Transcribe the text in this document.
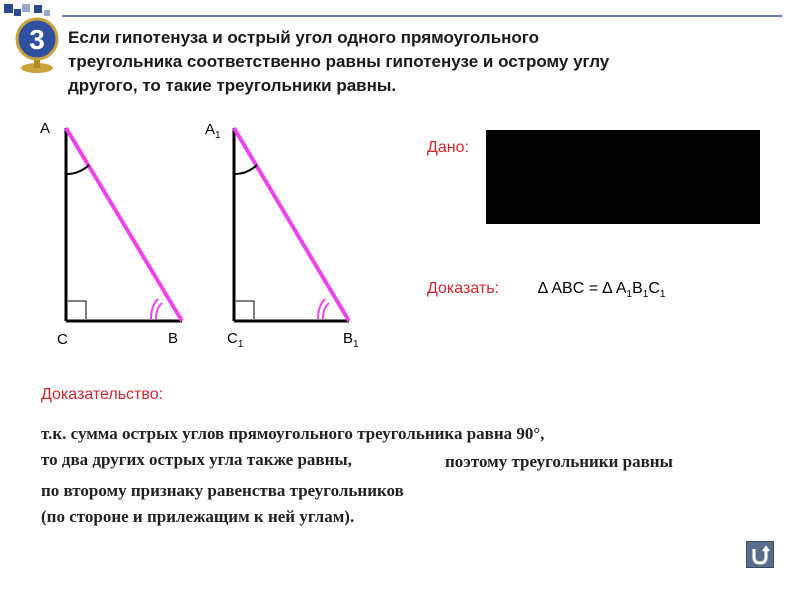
3 Если гипотенуза и острый угол одного прямоугольного
треугольника соответственно равны гипотенузе и острому углу
другого, то такие треугольники равны.
A
C	B
$A_1$
$C_1$	$B_1$
Дано:
Доказать: ∆ ABC = ∆ $A_1B_1C_1$
Доказательство:
т.к. сумма острых углов прямоугольного треугольника равна 90°,
то два других острых угла также равны,	поэтому треугольники равны
по второму признаку равенства треугольников
(по стороне и прилежащим к ней углам).
